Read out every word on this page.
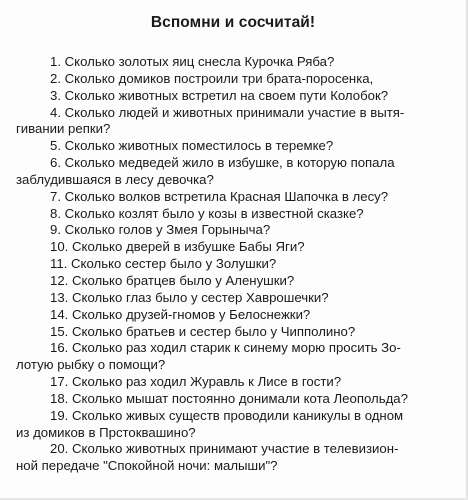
Вспомни и сосчитай!

1. Сколько золотых яиц снесла Курочка Ряба?

2. Сколько домиков построили три брата-поросенка,

3. Сколько животных встретил на своем пути Колобок?

4. Сколько людей и животных принимали участие в вытя-
гивании репки?

5. Сколько животных поместилось в теремке?

6. Сколько медведей жило в избушке, в которую попала
заблудившаяся в лесу девочка?

7. Сколько волков встретила Красная Шапочка в лесу?

8. Сколько козлят было у козы в известной сказке?

9. Сколько голов у Змея Горыныча?

10. Сколько дверей в избушке Бабы Яги?

11. Сколько сестер было у Золушки?

12. Сколько братцев было у Аленушки?

13. Сколько глаз было у сестер Хаврошечки?

14. Сколько друзей-гномов у Белоснежки?

15. Сколько братьев и сестер было у Чипполино?

16. Сколько раз ходил старик к синему морю просить Зо-
лотую рыбку о помощи?

17. Сколько раз ходил Журавль к Лисе в гости?

18. Сколько мышат постоянно донимали кота Леопольда?

19. Сколько живых существ проводили каникулы в одном
из домиков в Прстоквашино?

20. Сколько животных принимают участие в телевизион-
ной передаче "Спокойной ночи: малыши"?
